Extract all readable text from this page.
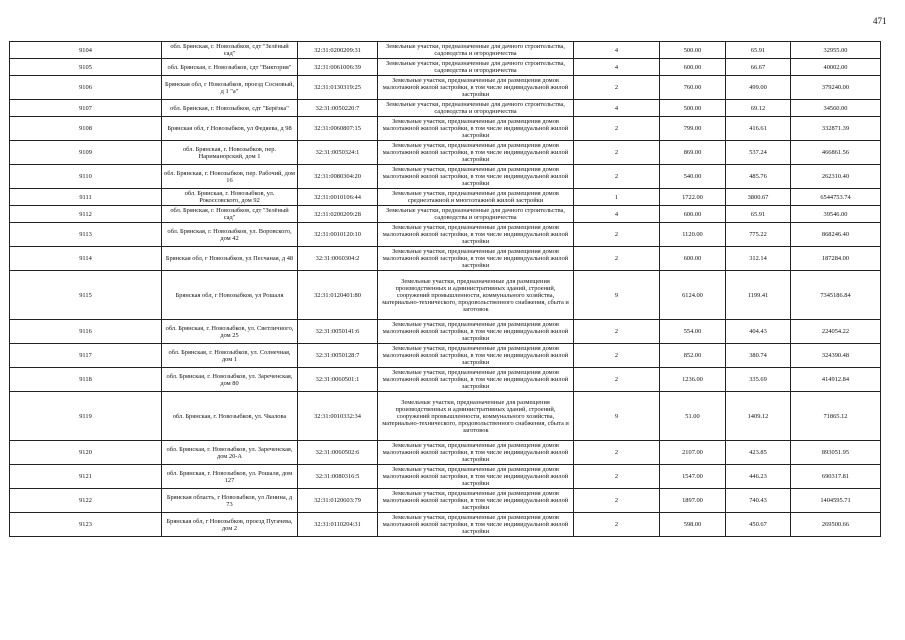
471
9104	обл. Брянская, г. Новозыбков, сдт "Зелёный сад"	32:31:0200209:31	Земельные участки, предназначенные для дачного строительства, садоводства и огородничества	4	500.00	65.91	32955.00
9105	обл. Брянская, г. Новозыбков, сдт "Виктория"	32:31:0061006:39	Земельные участки, предназначенные для дачного строительства, садоводства и огородничества	4	600.00	66.67	40002.00
9106	Брянская обл, г Новозыбков, проезд Сосновый, д 1 "а"	32:31:0130319:25	Земельные участки, предназначенные для размещения домов малоэтажной жилой застройки, в том числе индивидуальной жилой застройки	2	760.00	499.00	379240.00
9107	обл. Брянская, г. Новозыбков, сдт "Берёзка"	32:31:0050220:7	Земельные участки, предназначенные для дачного строительства, садоводства и огородничества	4	500.00	69.12	34560.00
9108	Брянская обл, г Новозыбков, ул Федяева, д 98	32:31:0060807:15	Земельные участки, предназначенные для размещения домов малоэтажной жилой застройки, в том числе индивидуальной жилой застройки	2	799.00	416.61	332871.39
9109	обл. Брянская, г. Новозыбков, пер. Нариманорский, дом 1	32:31:0050324:1	Земельные участки, предназначенные для размещения домов малоэтажной жилой застройки, в том числе индивидуальной жилой застройки	2	869.00	537.24	466861.56
9110	обл. Брянская, г. Новозыбков, пер. Рабочий, дом 16	32:31:0080304:20	Земельные участки, предназначенные для размещения домов малоэтажной жилой застройки, в том числе индивидуальной жилой застройки	2	540.00	485.76	262310.40
9111	обл. Брянская, г. Новозыбков, ул. Рокоссовского, дом 92	32:31:0010106:44	Земельные участки, предназначенные для размещения домов среднеэтажной и многоэтажной жилой застройки	1	1722.00	3800.67	6544753.74
9112	обл. Брянская, г. Новозыбков, сдт "Зелёный сад"	32:31:0200209:28	Земельные участки, предназначенные для дачного строительства, садоводства и огородничества	4	600.00	65.91	39546.00
9113	обл. Брянская, г. Новозыбков, ул. Воровского, дом 42	32:31:0010120:10	Земельные участки, предназначенные для размещения домов малоэтажной жилой застройки, в том числе индивидуальной жилой застройки	2	1120.00	775.22	868246.40
9114	Брянская обл, г Новозыбков, ул Песчаная, д 48	32:31:0060304:2	Земельные участки, предназначенные для размещения домов малоэтажной жилой застройки, в том числе индивидуальной жилой застройки	2	600.00	312.14	187284.00
9115	Брянская обл, г Новозыбков, ул Рошаля	32:31:0120401:80	Земельные участки, предназначенные для размещения производственных и административных зданий, строений, сооружений промышленности, коммунального хозяйства, материально-технического, продовольственного снабжения, сбыта и заготовок	9	6124.00	1199.41	7345186.84
9116	обл. Брянская, г. Новозыбков, ул. Светличного, дом 25	32:31:0050141:6	Земельные участки, предназначенные для размещения домов малоэтажной жилой застройки, в том числе индивидуальной жилой застройки	2	554.00	404.43	224054.22
9117	обл. Брянская, г. Новозыбков, ул. Солнечная, дом 1	32:31:0050128:7	Земельные участки, предназначенные для размещения домов малоэтажной жилой застройки, в том числе индивидуальной жилой застройки	2	852.00	380.74	324390.48
9118	обл. Брянская, г. Новозыбков, ул. Зареченская, дом 80	32:31:0060501:1	Земельные участки, предназначенные для размещения домов малоэтажной жилой застройки, в том числе индивидуальной жилой застройки	2	1236.00	335.69	414912.84
9119	обл. Брянская, г. Новозыбков, ул. Чкалова	32:31:0010332:34	Земельные участки, предназначенные для размещения производственных и административных зданий, строений, сооружений промышленности, коммунального хозяйства, материально-технического, продовольственного снабжения, сбыта и заготовок	9	51.00	1409.12	71865.12
9120	обл. Брянская, г. Новозыбков, ул. Зареченская, дом 20-А	32:31:0060502:6	Земельные участки, предназначенные для размещения домов малоэтажной жилой застройки, в том числе индивидуальной жилой застройки	2	2107.00	423.85	893051.95
9121	обл. Брянская, г. Новозыбков, ул. Рошаля, дом 127	32:31:0080316:5	Земельные участки, предназначенные для размещения домов малоэтажной жилой застройки, в том числе индивидуальной жилой застройки	2	1547.00	446.23	690317.81
9122	Брянская область, г Новозыбков, ул Ленина, д 73	32:31:0120603:79	Земельные участки, предназначенные для размещения домов малоэтажной жилой застройки, в том числе индивидуальной жилой застройки	2	1897.00	740.43	1404595.71
9123	Брянская обл, г Новозыбков, проезд Пугачева, дом 2	32:31:0110204:31	Земельные участки, предназначенные для размещения домов малоэтажной жилой застройки, в том числе индивидуальной жилой застройки	2	598.00	450.67	269500.66
